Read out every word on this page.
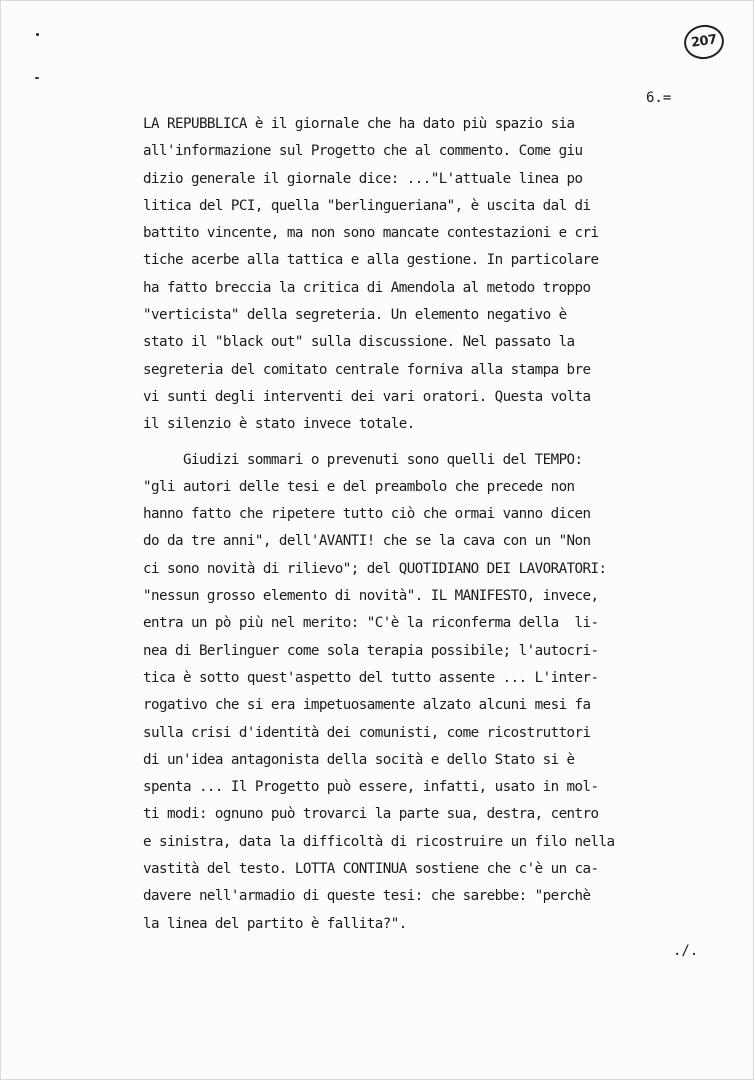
207
6.=
LA REPUBBLICA è il giornale che ha dato più spazio sia
all'informazione sul Progetto che al commento. Come giu
dizio generale il giornale dice: ..."L'attuale linea po
litica del PCI, quella "berlingueriana", è uscita dal di
battito vincente, ma non sono mancate contestazioni e cri
tiche acerbe alla tattica e alla gestione. In particolare
ha fatto breccia la critica di Amendola al metodo troppo
"verticista" della segreteria. Un elemento negativo è
stato il "black out" sulla discussione. Nel passato la
segreteria del comitato centrale forniva alla stampa bre
vi sunti degli interventi dei vari oratori. Questa volta
il silenzio è stato invece totale.
Giudizi sommari o prevenuti sono quelli del TEMPO:
"gli autori delle tesi e del preambolo che precede non
hanno fatto che ripetere tutto ciò che ormai vanno dicen
do da tre anni", dell'AVANTI! che se la cava con un "Non
ci sono novità di rilievo"; del QUOTIDIANO DEI LAVORATORI:
"nessun grosso elemento di novità". IL MANIFESTO, invece,
entra un pò più nel merito: "C'è la riconferma della  li-
nea di Berlinguer come sola terapia possibile; l'autocri-
tica è sotto quest'aspetto del tutto assente ... L'inter-
rogativo che si era impetuosamente alzato alcuni mesi fa
sulla crisi d'identità dei comunisti, come ricostruttori
di un'idea antagonista della socità e dello Stato si è
spenta ... Il Progetto può essere, infatti, usato in mol-
ti modi: ognuno può trovarci la parte sua, destra, centro
e sinistra, data la difficoltà di ricostruire un filo nella
vastità del testo. LOTTA CONTINUA sostiene che c'è un ca-
davere nell'armadio di queste tesi: che sarebbe: "perchè
la linea del partito è fallita?".
./.
